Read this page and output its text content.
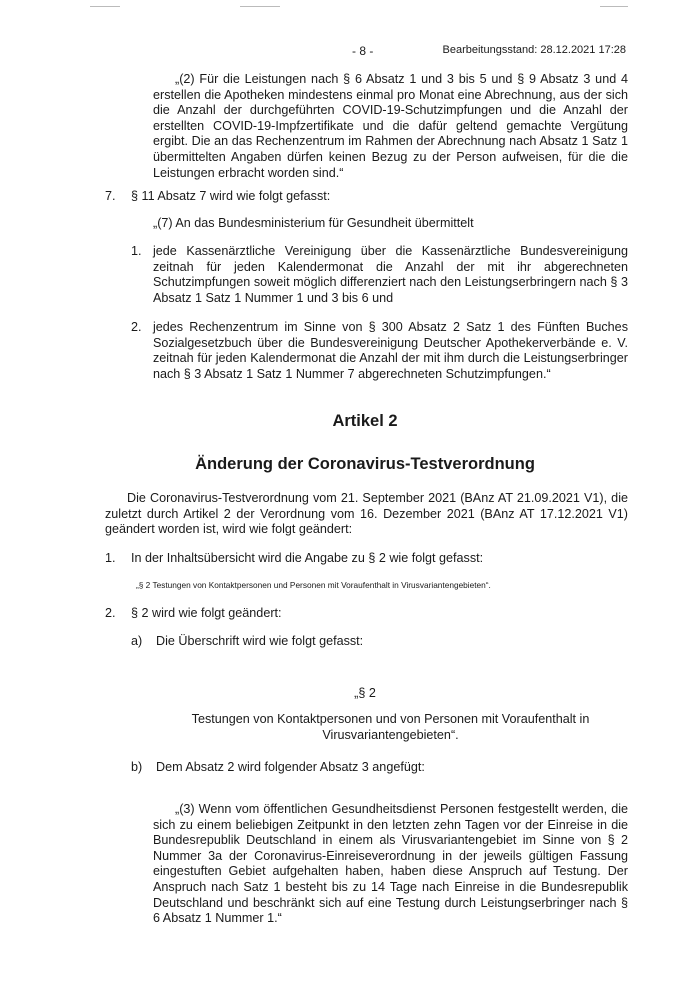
- 8 -	Bearbeitungsstand: 28.12.2021 17:28
„(2) Für die Leistungen nach § 6 Absatz 1 und 3 bis 5 und § 9 Absatz 3 und 4 erstellen die Apotheken mindestens einmal pro Monat eine Abrechnung, aus der sich die Anzahl der durchgeführten COVID-19-Schutzimpfungen und die Anzahl der erstellten COVID-19-Impfzertifikate und die dafür geltend gemachte Vergütung ergibt. Die an das Rechenzentrum im Rahmen der Abrechnung nach Absatz 1 Satz 1 übermittelten Angaben dürfen keinen Bezug zu der Person aufweisen, für die die Leistungen erbracht worden sind.“
7. § 11 Absatz 7 wird wie folgt gefasst:
„(7) An das Bundesministerium für Gesundheit übermittelt
1. jede Kassenärztliche Vereinigung über die Kassenärztliche Bundesvereinigung zeitnah für jeden Kalendermonat die Anzahl der mit ihr abgerechneten Schutzimpfungen soweit möglich differenziert nach den Leistungserbringern nach § 3 Absatz 1 Satz 1 Nummer 1 und 3 bis 6 und
2. jedes Rechenzentrum im Sinne von § 300 Absatz 2 Satz 1 des Fünften Buches Sozialgesetzbuch über die Bundesvereinigung Deutscher Apothekerverbände e. V. zeitnah für jeden Kalendermonat die Anzahl der mit ihm durch die Leistungserbringer nach § 3 Absatz 1 Satz 1 Nummer 7 abgerechneten Schutzimpfungen.“
Artikel 2
Änderung der Coronavirus-Testverordnung
Die Coronavirus-Testverordnung vom 21. September 2021 (BAnz AT 21.09.2021 V1), die zuletzt durch Artikel 2 der Verordnung vom 16. Dezember 2021 (BAnz AT 17.12.2021 V1) geändert worden ist, wird wie folgt geändert:
1. In der Inhaltsübersicht wird die Angabe zu § 2 wie folgt gefasst:
„§ 2 Testungen von Kontaktpersonen und Personen mit Voraufenthalt in Virusvariantengebieten“.
2. § 2 wird wie folgt geändert:
a) Die Überschrift wird wie folgt gefasst:
„§ 2
Testungen von Kontaktpersonen und von Personen mit Voraufenthalt in Virusvariantengebieten“.
b) Dem Absatz 2 wird folgender Absatz 3 angefügt:
„(3) Wenn vom öffentlichen Gesundheitsdienst Personen festgestellt werden, die sich zu einem beliebigen Zeitpunkt in den letzten zehn Tagen vor der Einreise in die Bundesrepublik Deutschland in einem als Virusvariantengebiet im Sinne von § 2 Nummer 3a der Coronavirus-Einreiseverordnung in der jeweils gültigen Fassung eingestuften Gebiet aufgehalten haben, haben diese Anspruch auf Testung. Der Anspruch nach Satz 1 besteht bis zu 14 Tage nach Einreise in die Bundesrepublik Deutschland und beschränkt sich auf eine Testung durch Leistungserbringer nach § 6 Absatz 1 Nummer 1.“
